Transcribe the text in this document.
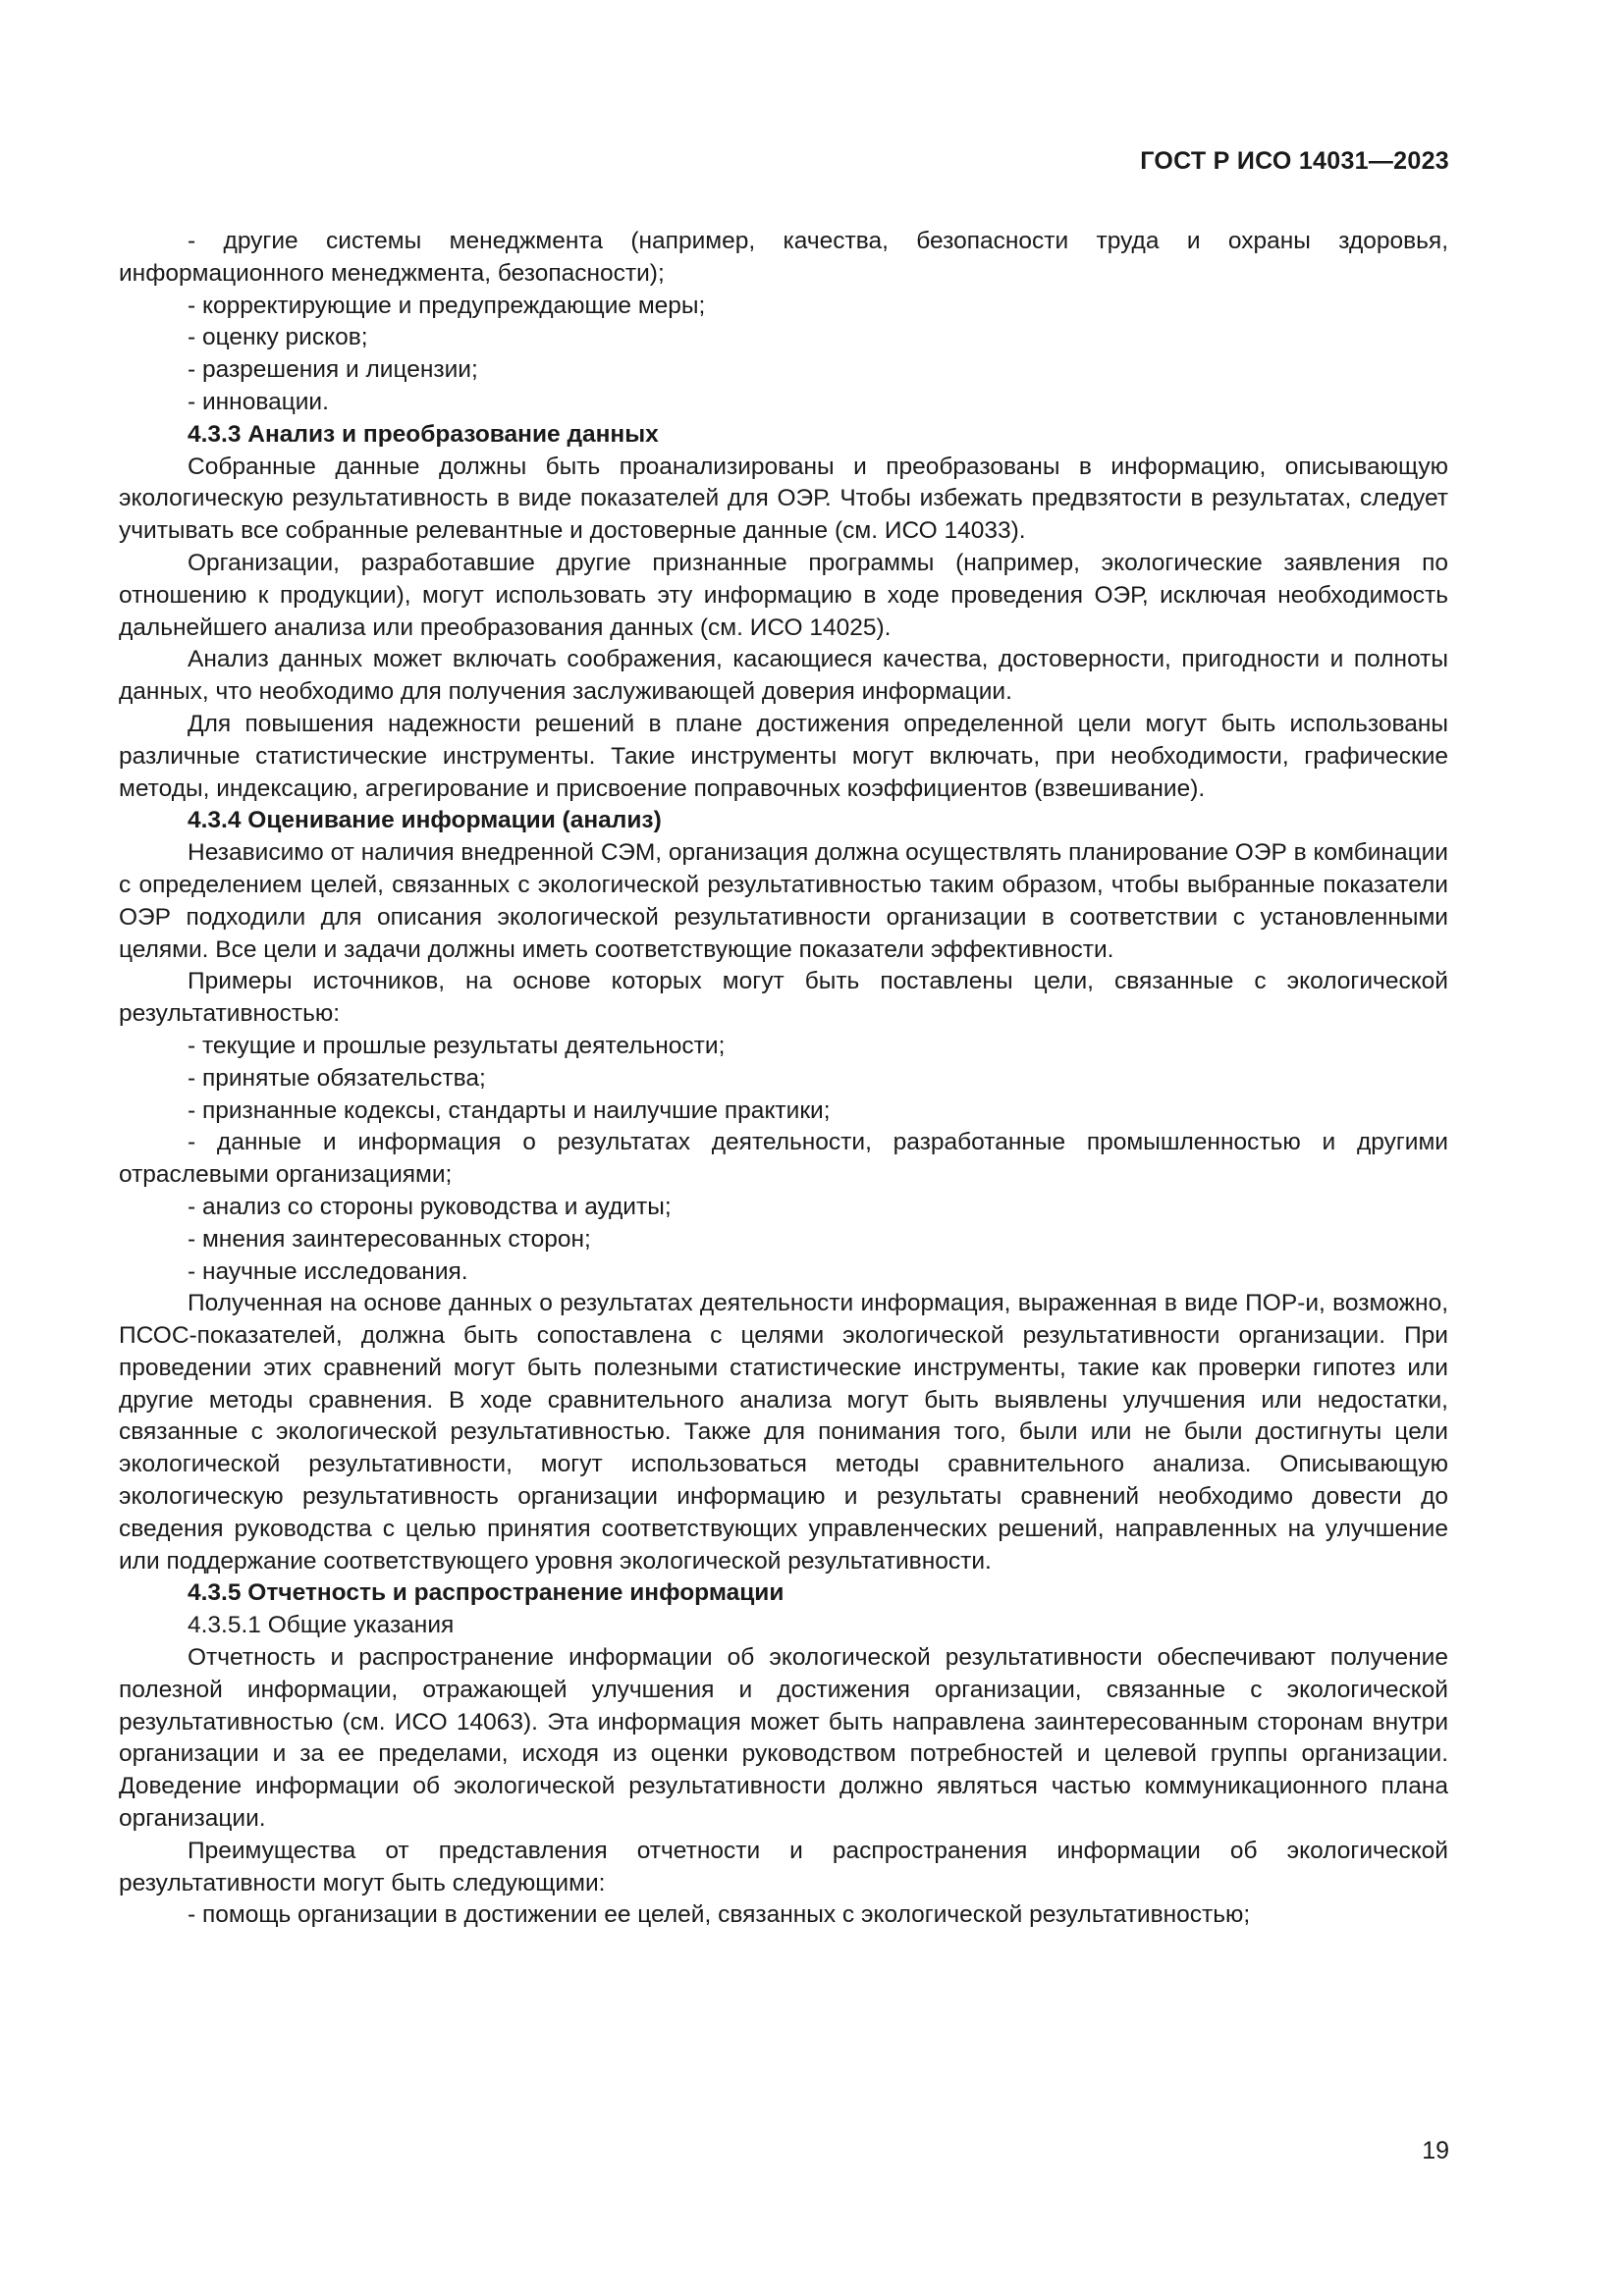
ГОСТ Р ИСО 14031—2023

- другие системы менеджмента (например, качества, безопасности труда и охраны здоровья, информационного менеджмента, безопасности);

- корректирующие и предупреждающие меры;

- оценку рисков;

- разрешения и лицензии;

- инновации.

4.3.3 Анализ и преобразование данных

Собранные данные должны быть проанализированы и преобразованы в информацию, описывающую экологическую результативность в виде показателей для ОЭР. Чтобы избежать предвзятости в результатах, следует учитывать все собранные релевантные и достоверные данные (см. ИСО 14033).

Организации, разработавшие другие признанные программы (например, экологические заявления по отношению к продукции), могут использовать эту информацию в ходе проведения ОЭР, исключая необходимость дальнейшего анализа или преобразования данных (см. ИСО 14025).

Анализ данных может включать соображения, касающиеся качества, достоверности, пригодности и полноты данных, что необходимо для получения заслуживающей доверия информации.

Для повышения надежности решений в плане достижения определенной цели могут быть использованы различные статистические инструменты. Такие инструменты могут включать, при необходимости, графические методы, индексацию, агрегирование и присвоение поправочных коэффициентов (взвешивание).

4.3.4 Оценивание информации (анализ)

Независимо от наличия внедренной СЭМ, организация должна осуществлять планирование ОЭР в комбинации с определением целей, связанных с экологической результативностью таким образом, чтобы выбранные показатели ОЭР подходили для описания экологической результативности организации в соответствии с установленными целями. Все цели и задачи должны иметь соответствующие показатели эффективности.

Примеры источников, на основе которых могут быть поставлены цели, связанные с экологической результативностью:

- текущие и прошлые результаты деятельности;

- принятые обязательства;

- признанные кодексы, стандарты и наилучшие практики;

- данные и информация о результатах деятельности, разработанные промышленностью и другими отраслевыми организациями;

- анализ со стороны руководства и аудиты;

- мнения заинтересованных сторон;

- научные исследования.

Полученная на основе данных о результатах деятельности информация, выраженная в виде ПОР-и, возможно, ПСОС-показателей, должна быть сопоставлена с целями экологической результативности организации. При проведении этих сравнений могут быть полезными статистические инструменты, такие как проверки гипотез или другие методы сравнения. В ходе сравнительного анализа могут быть выявлены улучшения или недостатки, связанные с экологической результативностью. Также для понимания того, были или не были достигнуты цели экологической результативности, могут использоваться методы сравнительного анализа. Описывающую экологическую результативность организации информацию и результаты сравнений необходимо довести до сведения руководства с целью принятия соответствующих управленческих решений, направленных на улучшение или поддержание соответствующего уровня экологической результативности.

4.3.5 Отчетность и распространение информации

4.3.5.1 Общие указания

Отчетность и распространение информации об экологической результативности обеспечивают получение полезной информации, отражающей улучшения и достижения организации, связанные с экологической результативностью (см. ИСО 14063). Эта информация может быть направлена заинтересованным сторонам внутри организации и за ее пределами, исходя из оценки руководством потребностей и целевой группы организации. Доведение информации об экологической результативности должно являться частью коммуникационного плана организации.

Преимущества от представления отчетности и распространения информации об экологической результативности могут быть следующими:

- помощь организации в достижении ее целей, связанных с экологической результативностью;

19
